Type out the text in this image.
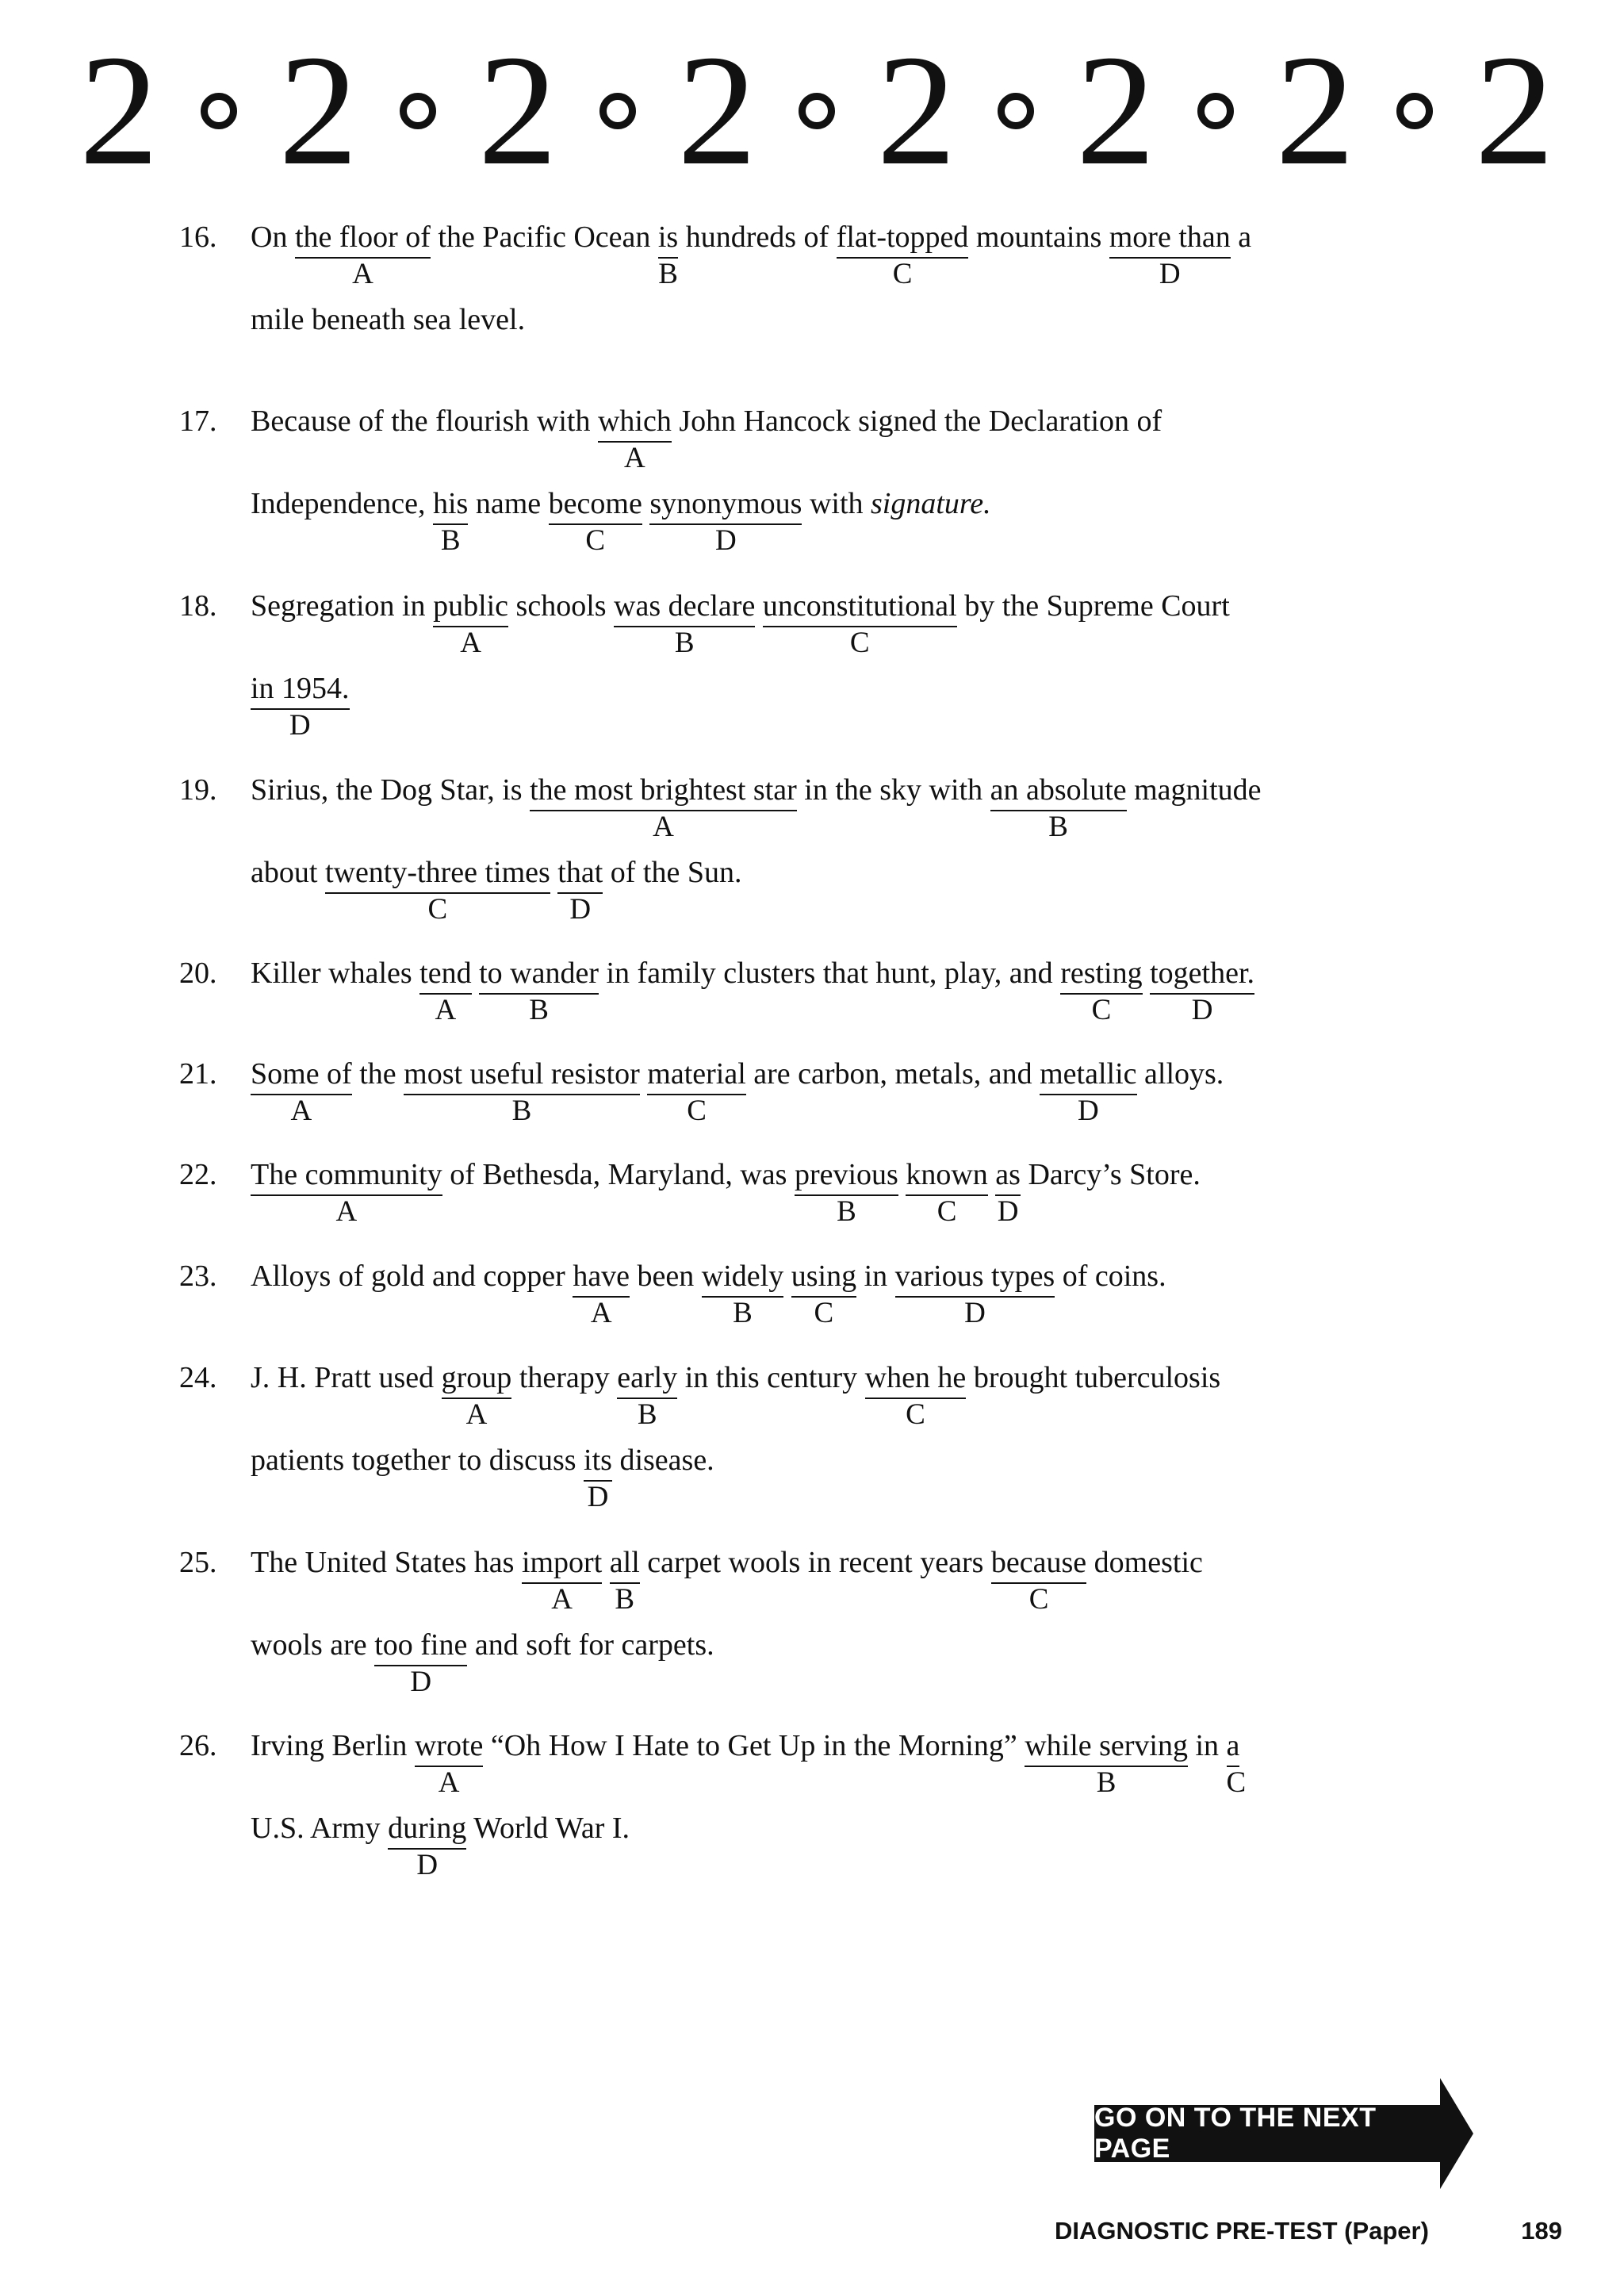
2 2 2 2 2 2 2 2
16. On the floor of
A
the Pacific Ocean is
B
hundreds of flat-topped
C
mountains more than
D
a
mile beneath sea level.
17. Because of the flourish with which
A
John Hancock signed the Declaration of
Independence, his
B
name become
C
synonymous
D
with signature.
18. Segregation in public
A
schools was declare
B
unconstitutional
C
by the Supreme Court
in 1954.
D
19. Sirius, the Dog Star, is the most brightest star
A
in the sky with an absolute
B
magnitude
about twenty-three times
C
that
D
of the Sun.
20. Killer whales tend
A
to wander
B
in family clusters that hunt, play, and resting
C
together.
D
21. Some of
A
the most useful resistor
B
material
C
are carbon, metals, and metallic
D
alloys.
22. The community
A
of Bethesda, Maryland, was previous
B
known
C
as
D
Darcy’s Store.
23. Alloys of gold and copper have
A
been widely
B
using
C
in various types
D
of coins.
24. J. H. Pratt used group
A
therapy early
B
in this century when he
C
brought tuberculosis
patients together to discuss its
D
disease.
25. The United States has import
A
all
B
carpet wools in recent years because
C
domestic
wools are too fine
D
and soft for carpets.
26. Irving Berlin wrote
A
“Oh How I Hate to Get Up in the Morning” while serving
B
in a
C
U.S. Army during
D
World War I.
GO ON TO THE NEXT PAGE
DIAGNOSTIC PRE-TEST (Paper)	189
